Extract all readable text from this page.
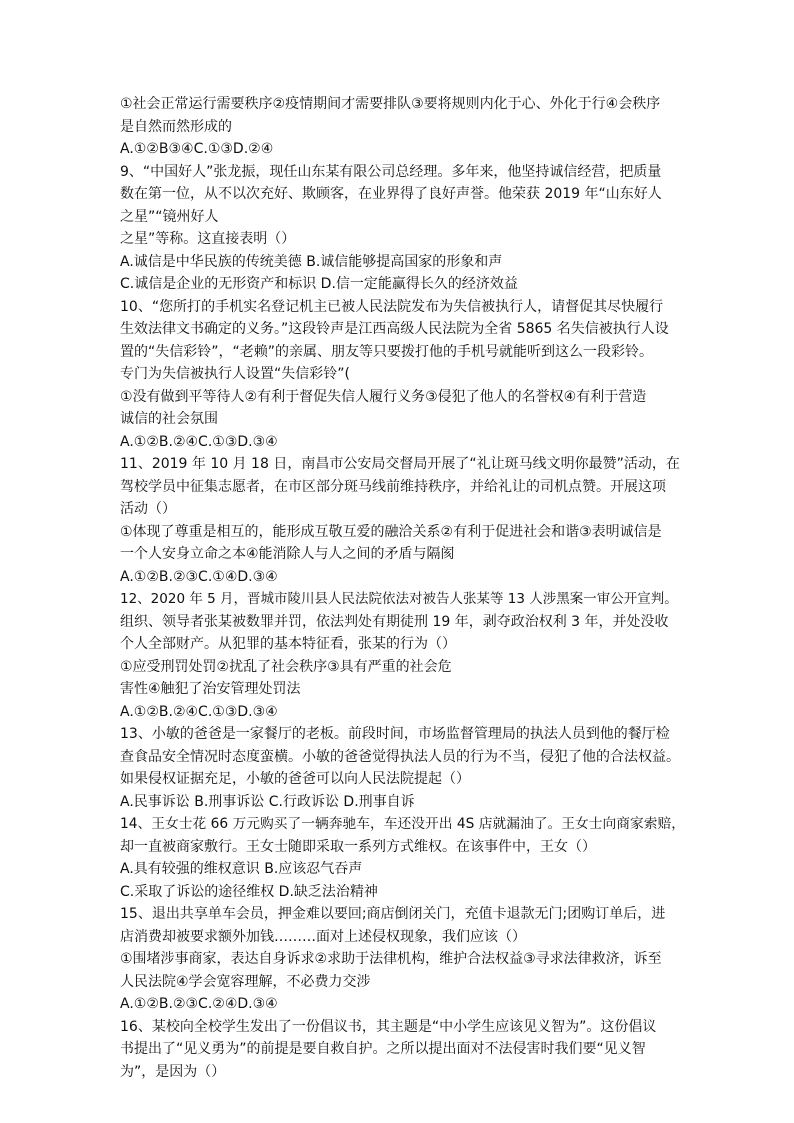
①社会正常运行需要秩序②疫情期间才需要排队③要将规则内化于心、外化于行④会秩序
是自然而然形成的
A.①②B③④C.①③D.②④
9、“中国好人”张龙振，现任山东某有限公司总经理。多年来，他坚持诚信经营，把质量
数在第一位，从不以次充好、欺顾客，在业界得了良好声誉。他荣获 2019 年“山东好人
之星”“镜州好人
之星”等称。这直接表明（）
A.诚信是中华民族的传统美德 B.诚信能够提高国家的形象和声
C.诚信是企业的无形资产和标识 D.信一定能赢得长久的经济效益
10、“您所打的手机实名登记机主已被人民法院发布为失信被执行人，请督促其尽快履行
生效法律文书确定的义务。”这段铃声是江西高级人民法院为全省 5865 名失信被执行人设
置的“失信彩铃”，“老赖”的亲属、朋友等只要拨打他的手机号就能听到这么一段彩铃。
专门为失信被执行人设置“失信彩铃”(
①没有做到平等待人②有利于督促失信人履行义务③侵犯了他人的名誉权④有利于营造
诚信的社会氛围
A.①②B.②④C.①③D.③④
11、2019 年 10 月 18 日，南昌市公安局交督局开展了“礼让斑马线文明你最赞”活动，在
驾校学员中征集志愿者，在市区部分斑马线前维持秩序，并给礼让的司机点赞。开展这项
活动（）
①体现了尊重是相互的，能形成互敬互爱的融洽关系②有利于促进社会和谐③表明诚信是
一个人安身立命之本④能消除人与人之间的矛盾与隔阂
A.①②B.②③C.①④D.③④
12、2020 年 5 月，晋城市陵川县人民法院依法对被告人张某等 13 人涉黑案一审公开宣判。
组织、领导者张某被数罪并罚，依法判处有期徒刑 19 年，剥夺政治权利 3 年，并处没收
个人全部财产。从犯罪的基本特征看，张某的行为（）
①应受刑罚处罚②扰乱了社会秩序③具有严重的社会危
害性④触犯了治安管理处罚法
A.①②B.②④C.①③D.③④
13、小敏的爸爸是一家餐厅的老板。前段时间，市场监督管理局的执法人员到他的餐厅检
查食品安全情况时态度蛮横。小敏的爸爸觉得执法人员的行为不当，侵犯了他的合法权益。
如果侵权证据充足，小敏的爸爸可以向人民法院提起（）
A.民事诉讼 B.刑事诉讼 C.行政诉讼 D.刑事自诉
14、王女士花 66 万元购买了一辆奔驰车，车还没开出 4S 店就漏油了。王女士向商家索赔，
却一直被商家敷行。王女士随即采取一系列方式维权。在该事件中，王女（）
A.具有较强的维权意识 B.应该忍气吞声
C.采取了诉讼的途径维权 D.缺乏法治精神
15、退出共享单车会员，押金难以要回;商店倒闭关门，充值卡退款无门;团购订单后，进
店消费却被要求额外加钱………面对上述侵权现象，我们应该（）
①围堵涉事商家，表达自身诉求②求助于法律机构，维护合法权益③寻求法律救济，诉至
人民法院④学会宽容理解，不必费力交涉
A.①②B.②③C.②④D.③④
16、某校向全校学生发出了一份倡议书，其主题是“中小学生应该见义智为”。这份倡议
书提出了“见义勇为”的前提是要自救自护。之所以提出面对不法侵害时我们要“见义智
为”，是因为（）
